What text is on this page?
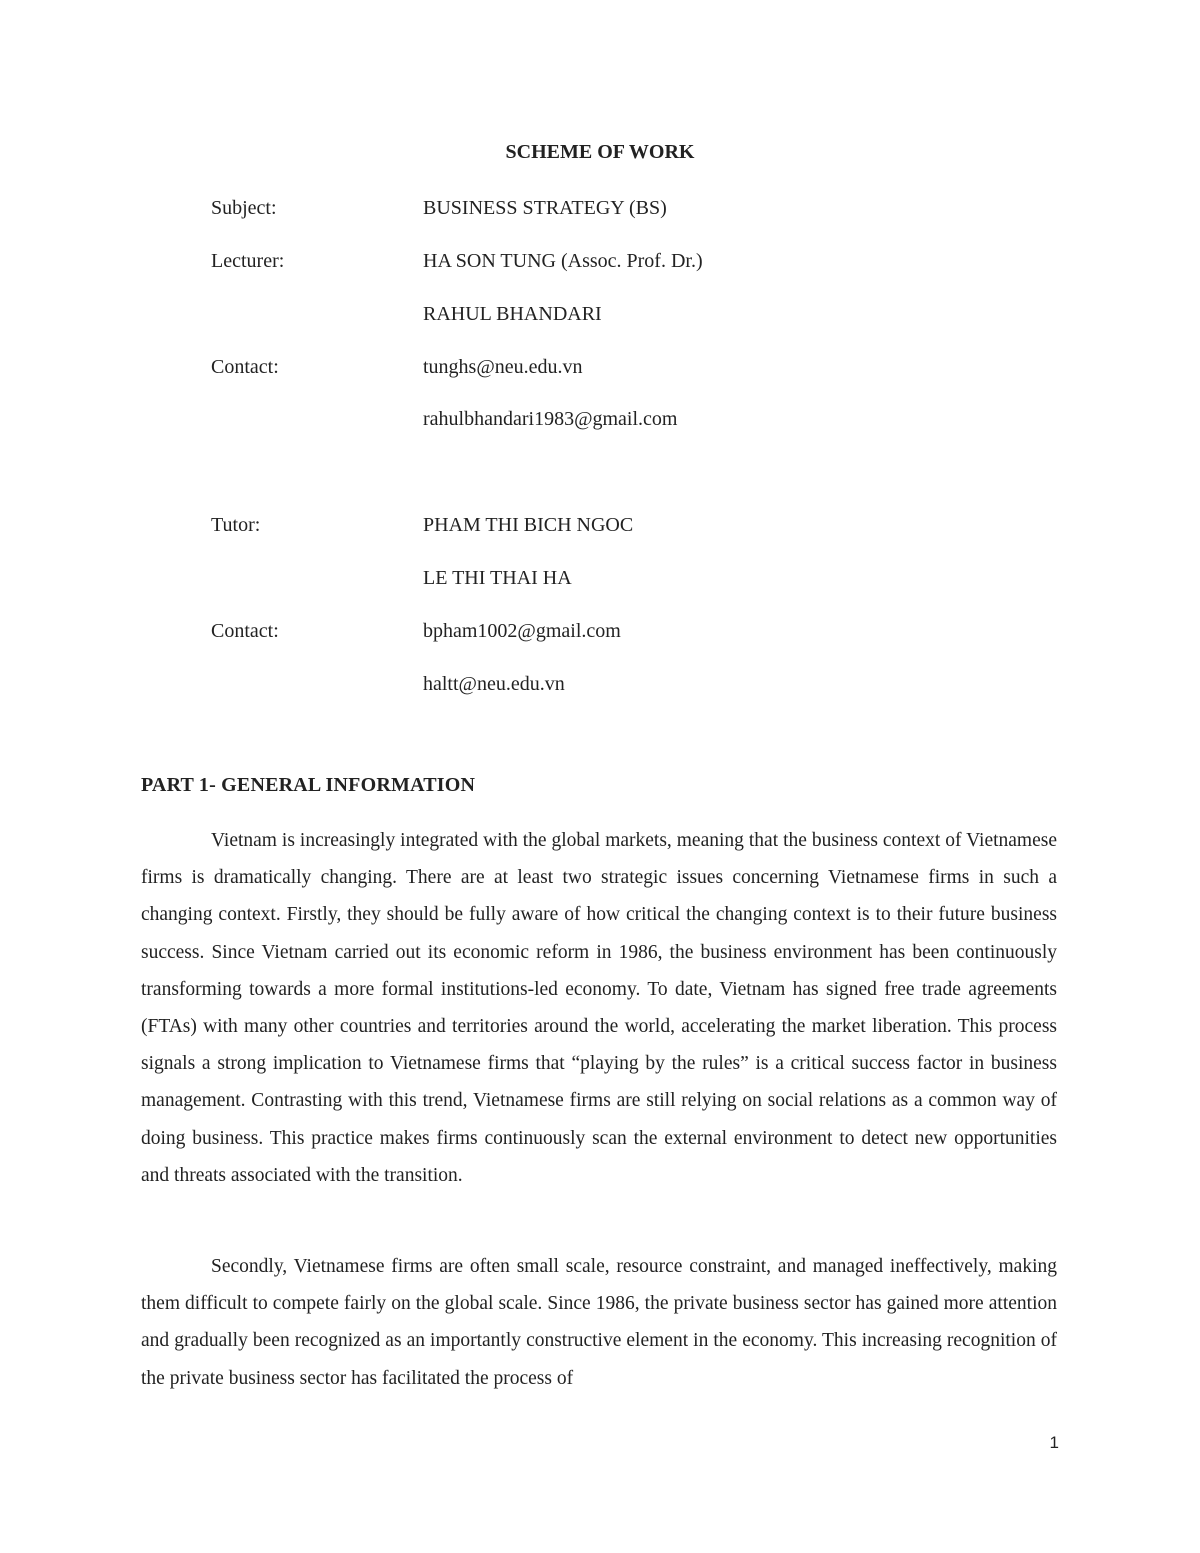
SCHEME OF WORK
Subject:	BUSINESS STRATEGY (BS)
Lecturer:	HA SON TUNG (Assoc. Prof. Dr.)
RAHUL BHANDARI
Contact:	tunghs@neu.edu.vn
rahulbhandari1983@gmail.com
Tutor:	PHAM THI BICH NGOC
LE THI THAI HA
Contact:	bpham1002@gmail.com
haltt@neu.edu.vn
PART 1- GENERAL INFORMATION

Vietnam is increasingly integrated with the global markets, meaning that the business context of Vietnamese firms is dramatically changing. There are at least two strategic issues concerning Vietnamese firms in such a changing context. Firstly, they should be fully aware of how critical the changing context is to their future business success. Since Vietnam carried out its economic reform in 1986, the business environment has been continuously transforming towards a more formal institutions-led economy. To date, Vietnam has signed free trade agreements (FTAs) with many other countries and territories around the world, accelerating the market liberation. This process signals a strong implication to Vietnamese firms that “playing by the rules” is a critical success factor in business management. Contrasting with this trend, Vietnamese firms are still relying on social relations as a common way of doing business. This practice makes firms continuously scan the external environment to detect new opportunities and threats associated with the transition.

Secondly, Vietnamese firms are often small scale, resource constraint, and managed ineffectively, making them difficult to compete fairly on the global scale. Since 1986, the private business sector has gained more attention and gradually been recognized as an importantly constructive element in the economy. This increasing recognition of the private business sector has facilitated the process of

1
